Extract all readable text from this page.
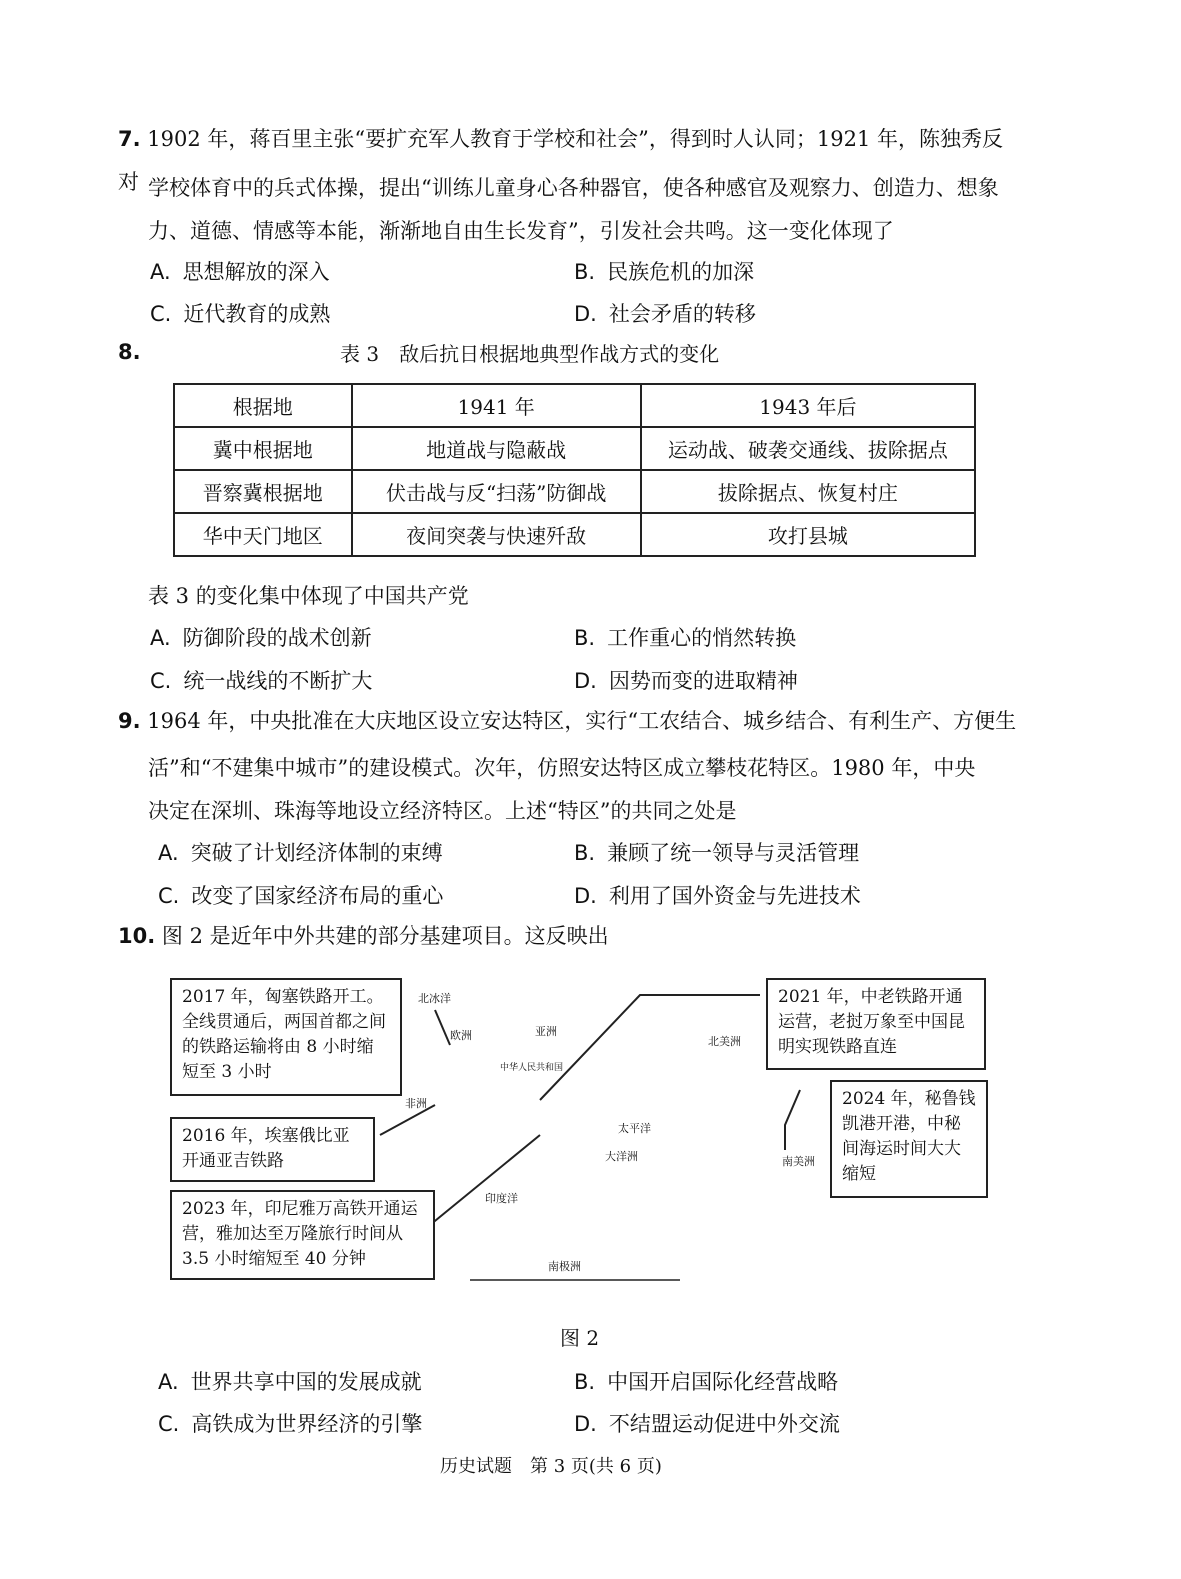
7. 1902 年，蒋百里主张“要扩充军人教育于学校和社会”，得到时人认同；1921 年，陈独秀反对 学校体育中的兵式体操，提出“训练儿童身心各种器官，使各种感官及观察力、创造力、想象
力、道德、情感等本能，渐渐地自由生长发育”，引发社会共鸣。这一变化体现了
A. 思想解放的深入	B. 民族危机的加深
C. 近代教育的成熟	D. 社会矛盾的转移
8.	表 3　敌后抗日根据地典型作战方式的变化
根据地	1941 年	1943 年后
冀中根据地	地道战与隐蔽战	运动战、破袭交通线、拔除据点
晋察冀根据地	伏击战与反“扫荡”防御战	拔除据点、恢复村庄
华中天门地区	夜间突袭与快速歼敌	攻打县城
表 3 的变化集中体现了中国共产党
A. 防御阶段的战术创新	B. 工作重心的悄然转换
C. 统一战线的不断扩大	D. 因势而变的进取精神
9. 1964 年，中央批准在大庆地区设立安达特区，实行“工农结合、城乡结合、有利生产、方便生
活”和“不建集中城市”的建设模式。次年，仿照安达特区成立攀枝花特区。1980 年，中央
决定在深圳、珠海等地设立经济特区。上述“特区”的共同之处是
A. 突破了计划经济体制的束缚	B. 兼顾了统一领导与灵活管理
C. 改变了国家经济布局的重心	D. 利用了国外资金与先进技术
10. 图 2 是近年中外共建的部分基建项目。这反映出
2017 年，匈塞铁路开工。全线贯通后，两国首都之间的铁路运输将由 8 小时缩短至 3 小时
2016 年，埃塞俄比亚开通亚吉铁路
2023 年，印尼雅万高铁开通运营，雅加达至万隆旅行时间从 3.5 小时缩短至 40 分钟
2021 年，中老铁路开通运营，老挝万象至中国昆明实现铁路直连
2024 年，秘鲁钱凯港开港，中秘间海运时间大大缩短
北冰洋
欧洲	亚洲
中华人民共和国
北美洲
非洲
太平洋
大洋洲
印度洋
南美洲
南极洲
图 2
A. 世界共享中国的发展成就	B. 中国开启国际化经营战略
C. 高铁成为世界经济的引擎	D. 不结盟运动促进中外交流
历史试题　第 3 页(共 6 页)
